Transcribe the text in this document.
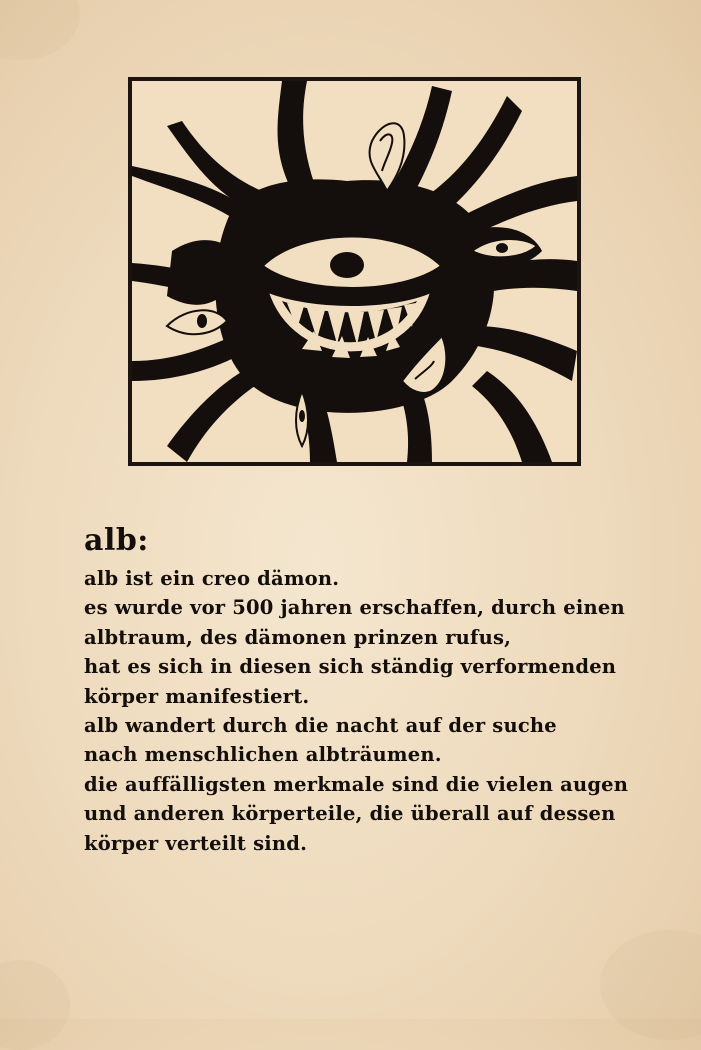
alb:
alb ist ein creo dämon.
es wurde vor 500 jahren erschaffen, durch einen
albtraum, des dämonen prinzen rufus,
hat es sich in diesen sich ständig verformenden
körper manifestiert.
alb wandert durch die nacht auf der suche
nach menschlichen albträumen.
die auffälligsten merkmale sind die vielen augen
und anderen körperteile, die überall auf dessen
körper verteilt sind.
